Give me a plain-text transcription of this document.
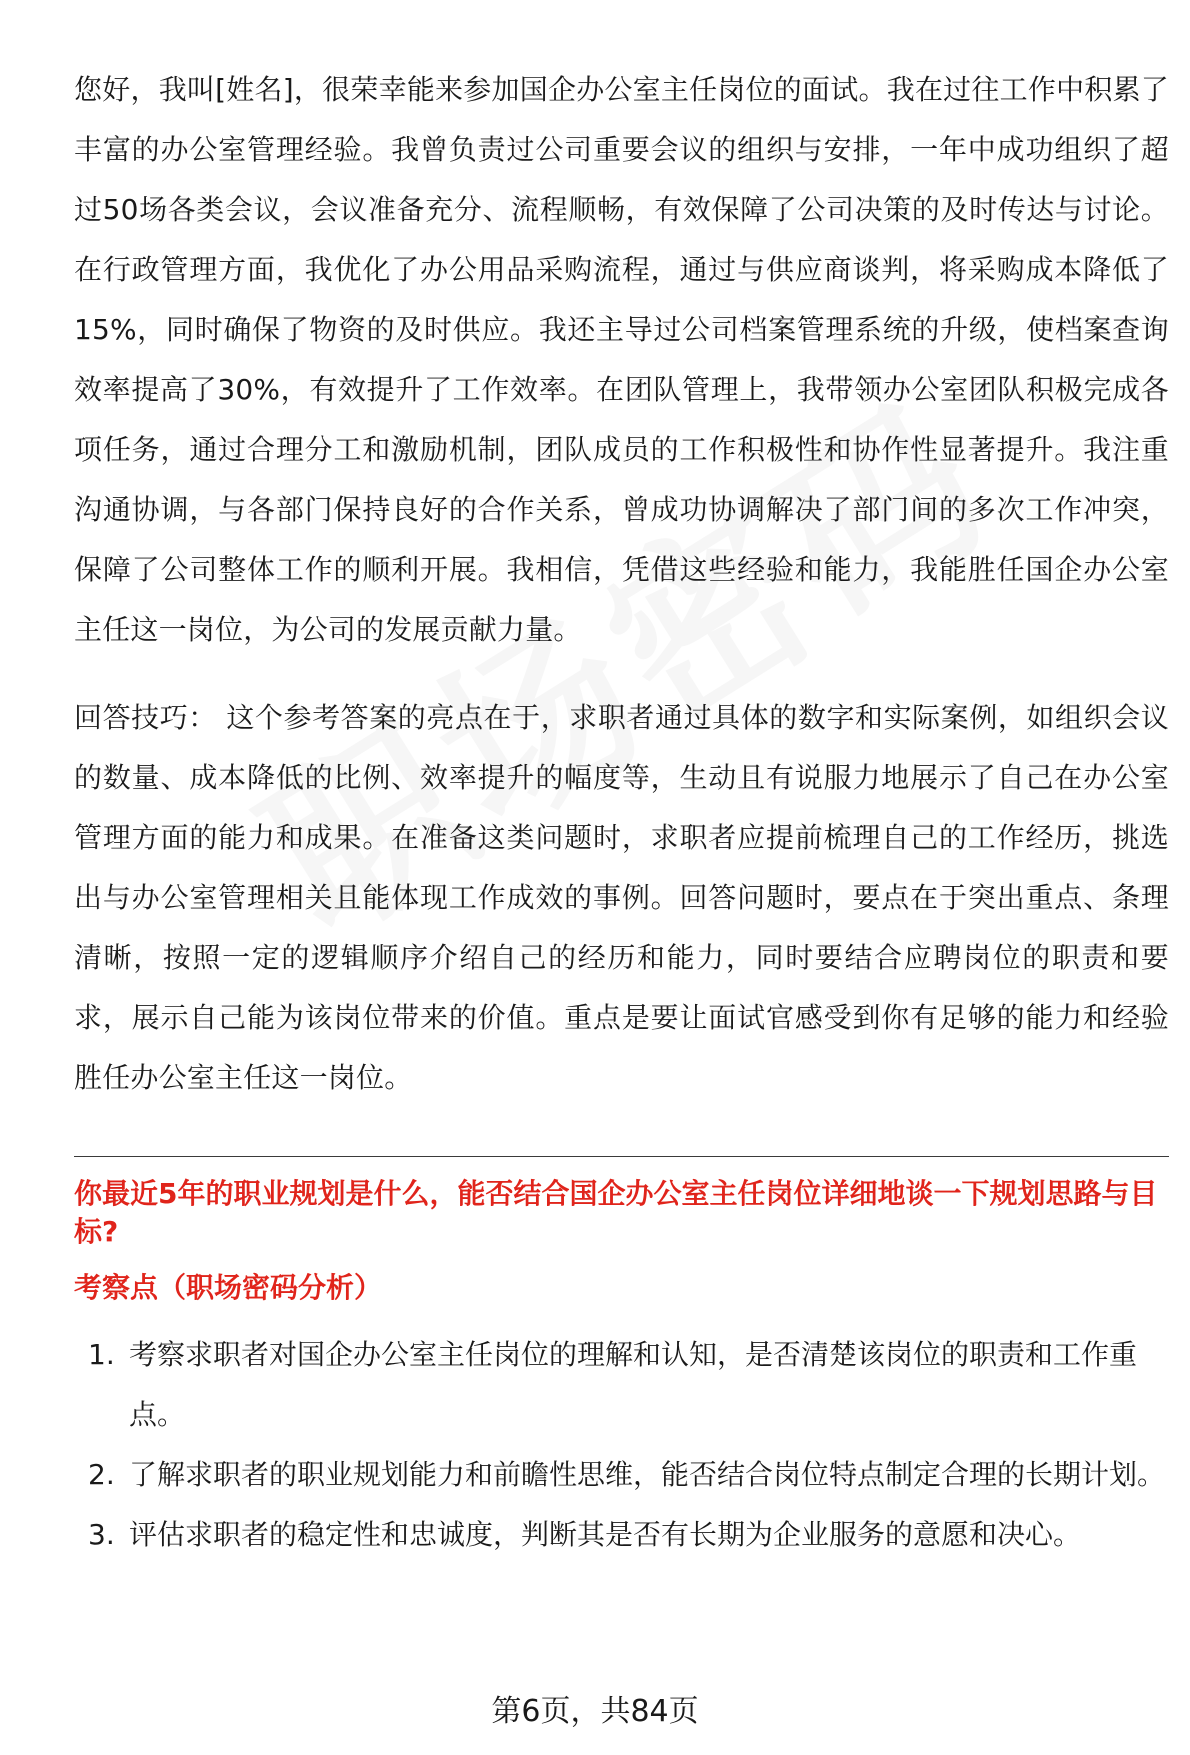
您好，我叫[姓名]，很荣幸能来参加国企办公室主任岗位的面试。我在过往工作中积累了丰富的办公室管理经验。我曾负责过公司重要会议的组织与安排，一年中成功组织了超过50场各类会议，会议准备充分、流程顺畅，有效保障了公司决策的及时传达与讨论。在行政管理方面，我优化了办公用品采购流程，通过与供应商谈判，将采购成本降低了15%，同时确保了物资的及时供应。我还主导过公司档案管理系统的升级，使档案查询效率提高了30%，有效提升了工作效率。在团队管理上，我带领办公室团队积极完成各项任务，通过合理分工和激励机制，团队成员的工作积极性和协作性显著提升。我注重沟通协调，与各部门保持良好的合作关系，曾成功协调解决了部门间的多次工作冲突，保障了公司整体工作的顺利开展。我相信，凭借这些经验和能力，我能胜任国企办公室主任这一岗位，为公司的发展贡献力量。

回答技巧： 这个参考答案的亮点在于，求职者通过具体的数字和实际案例，如组织会议的数量、成本降低的比例、效率提升的幅度等，生动且有说服力地展示了自己在办公室管理方面的能力和成果。在准备这类问题时，求职者应提前梳理自己的工作经历，挑选出与办公室管理相关且能体现工作成效的事例。回答问题时，要点在于突出重点、条理清晰，按照一定的逻辑顺序介绍自己的经历和能力，同时要结合应聘岗位的职责和要求，展示自己能为该岗位带来的价值。重点是要让面试官感受到你有足够的能力和经验胜任办公室主任这一岗位。

你最近5年的职业规划是什么，能否结合国企办公室主任岗位详细地谈一下规划思路与目标?

考察点（职场密码分析）

1. 考察求职者对国企办公室主任岗位的理解和认知，是否清楚该岗位的职责和工作重点。
2. 了解求职者的职业规划能力和前瞻性思维，能否结合岗位特点制定合理的长期计划。
3. 评估求职者的稳定性和忠诚度，判断其是否有长期为企业服务的意愿和决心。
第6页，共84页
